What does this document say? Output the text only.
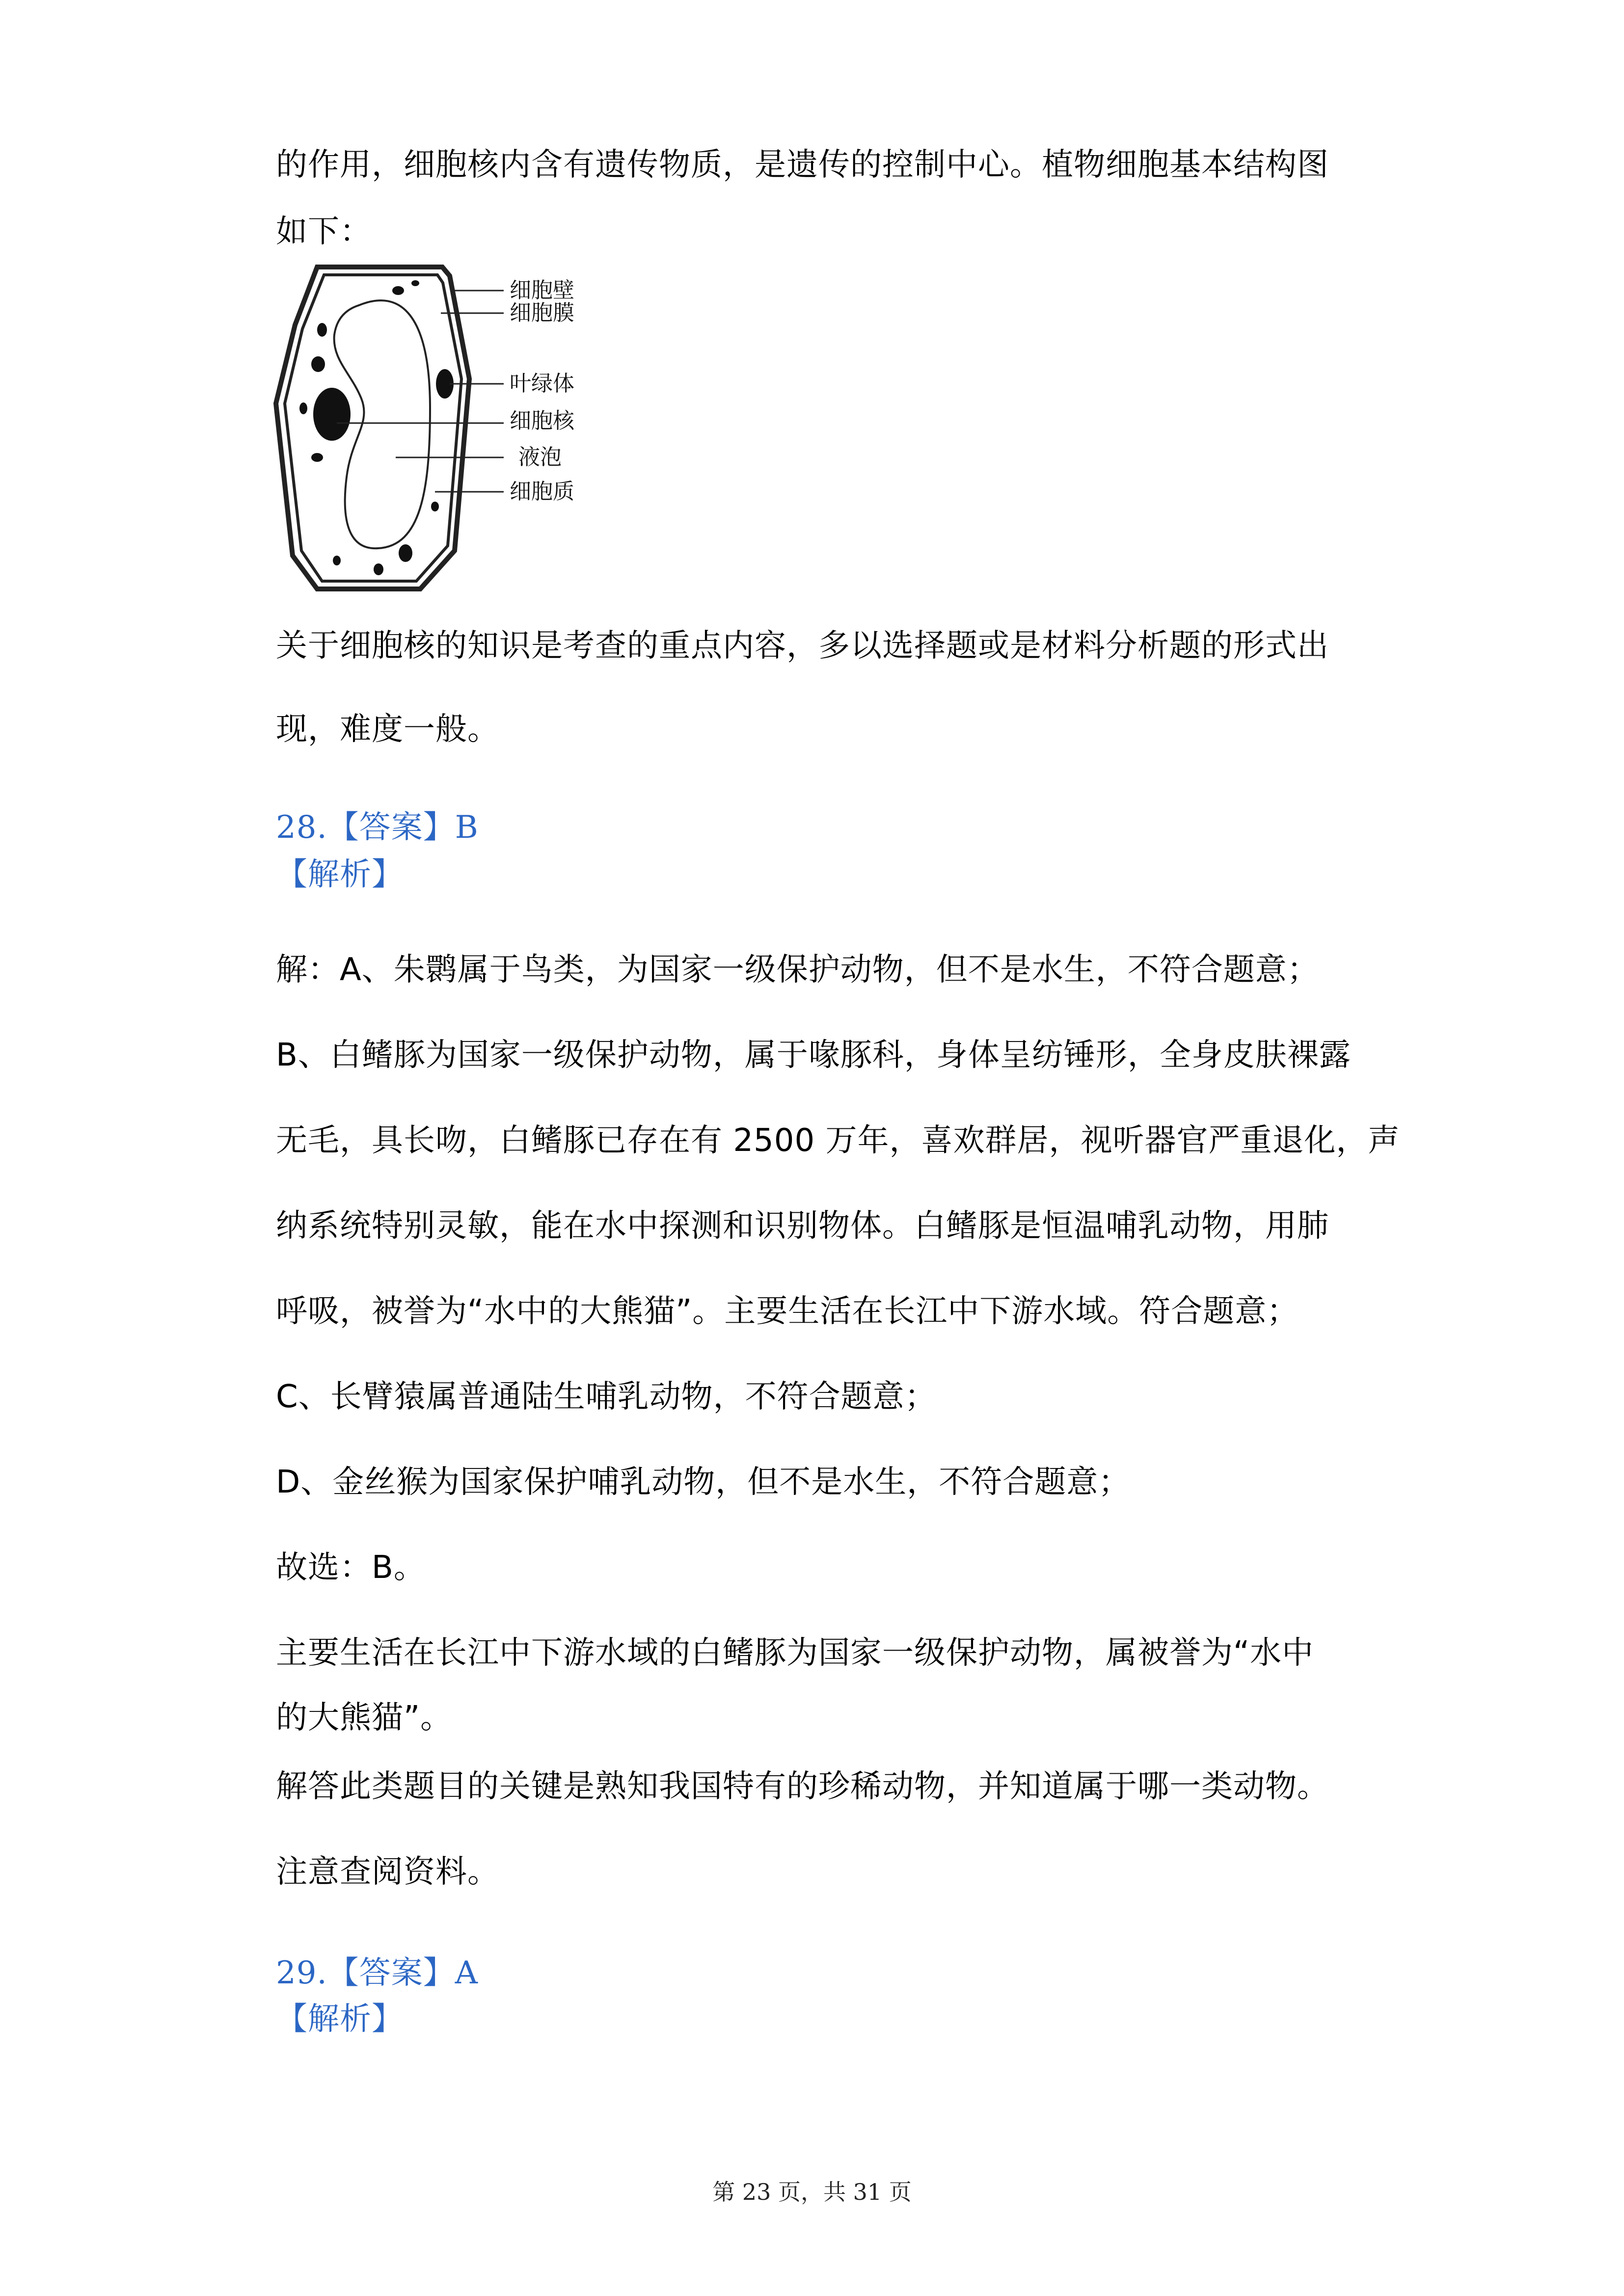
的作用，细胞核内含有遗传物质，是遗传的控制中心。植物细胞基本结构图
如下：
细胞壁
细胞膜
叶绿体
细胞核
液泡
细胞质
关于细胞核的知识是考查的重点内容，多以选择题或是材料分析题的形式出
现，难度一般。
28.【答案】B
【解析】
解：A、朱鹮属于鸟类，为国家一级保护动物，但不是水生，不符合题意；
B、白鳍豚为国家一级保护动物，属于喙豚科，身体呈纺锤形，全身皮肤裸露
无毛，具长吻，白鳍豚已存在有 2500 万年，喜欢群居，视听器官严重退化，声
纳系统特别灵敏，能在水中探测和识别物体。白鳍豚是恒温哺乳动物，用肺
呼吸，被誉为“水中的大熊猫”。主要生活在长江中下游水域。符合题意；
C、长臂猿属普通陆生哺乳动物，不符合题意；
D、金丝猴为国家保护哺乳动物，但不是水生，不符合题意；
故选：B。
主要生活在长江中下游水域的白鳍豚为国家一级保护动物，属被誉为“水中
的大熊猫”。
解答此类题目的关键是熟知我国特有的珍稀动物，并知道属于哪一类动物。
注意查阅资料。
29.【答案】A
【解析】
第 23 页，共 31 页
